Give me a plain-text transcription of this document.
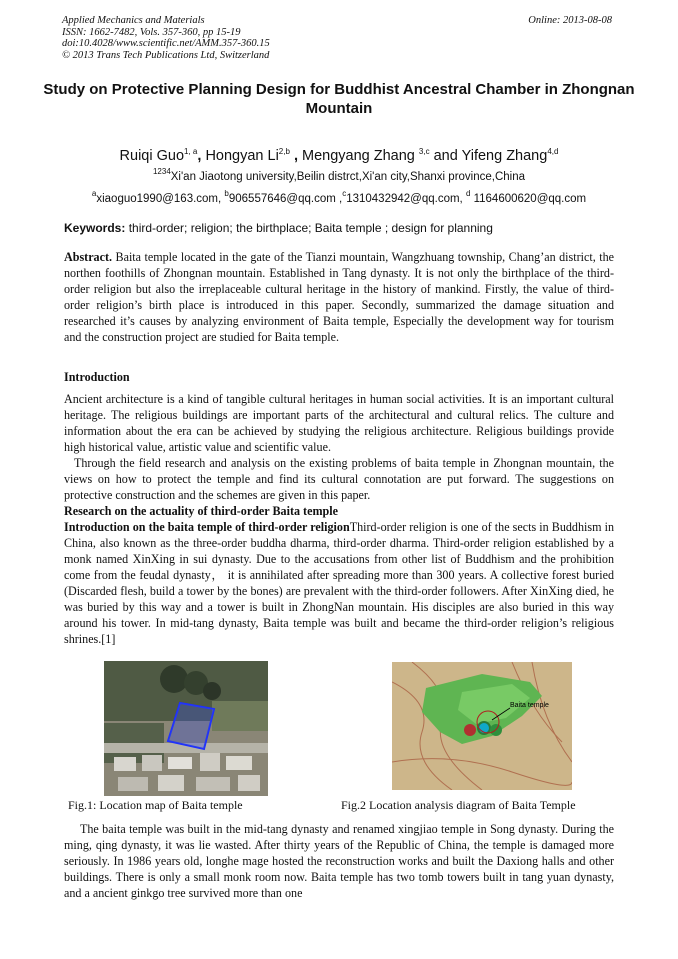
Applied Mechanics and Materials
ISSN: 1662-7482, Vols. 357-360, pp 15-19
doi:10.4028/www.scientific.net/AMM.357-360.15
© 2013 Trans Tech Publications Ltd, Switzerland
Online: 2013-08-08
Study on Protective Planning Design for Buddhist Ancestral Chamber in Zhongnan Mountain
Ruiqi Guo$^{1, a}$, Hongyan Li$^{2,b}$ , Mengyang Zhang $^{3,c}$ and Yifeng Zhang$^{4,d}$
$^{1234}$Xi'an Jiaotong university,Beilin distrct,Xi'an city,Shanxi province,China
$^a$xiaoguo1990@163.com, $^b$906557646@qq.com ,$^c$1310432942@qq.com, $^d$ 1164600620@qq.com
Keywords: third-order; religion; the birthplace; Baita temple ; design for planning
Abstract. Baita temple located in the gate of the Tianzi mountain, Wangzhuang township, Chang’an district, the northen foothills of Zhongnan mountain. Established in Tang dynasty. It is not only the birthplace of the third-order religion but also the irreplaceable cultural heritage in the history of mankind. Firstly, the value of third-order religion’s birth place is introduced in this paper. Secondly, summarized the damage situation and researched it’s causes by analyzing environment of Baita temple, Especially the development way for tourism and the construction project are studied for Baita temple.
Introduction
Ancient architecture is a kind of tangible cultural heritages in human social activities. It is an important cultural heritage. The religious buildings are important parts of the architectural and cultural relics. The culture and information about the era can be achieved by studying the religious architecture. Religious buildings provide high historical value, artistic value and scientific value.
Through the field research and analysis on the existing problems of baita temple in Zhongnan mountain, the views on how to protect the temple and find its cultural connotation are put forward. The suggestions on protective construction and the schemes are given in this paper.
Research on the actuality of third-order Baita temple
Introduction on the baita temple of third-order religionThird-order religion is one of the sects in Buddhism in China, also known as the three-order buddha dharma, third-order dharma. Third-order religion established by a monk named XinXing in sui dynasty. Due to the accusations from other list of Buddhism and the prohibition come from the feudal dynasty， it is annihilated after spreading more than 300 years. A collective forest buried (Discarded flesh, build a tower by the bones) are prevalent with the third-order followers. After XinXing died, he was buried by this way and a tower is built in ZhongNan mountain. His disciples are also buried in this way around his tower. In mid-tang dynasty, Baita temple was built and became the third-order religion’s religious shrines.[1]
Baita temple
Fig.1: Location map of Baita temple	Fig.2 Location analysis diagram of Baita Temple
The baita temple was built in the mid-tang dynasty and renamed xingjiao temple in Song dynasty. During the ming, qing dynasty, it was lie wasted. After thirty years of the Republic of China, the temple is damaged more seriously. In 1986 years old, longhe mage hosted the reconstruction works and built the Daxiong halls and other buildings. There is only a small monk room now. Baita temple has two tomb towers built in tang yuan dynasty, and a ancient ginkgo tree survived more than one
